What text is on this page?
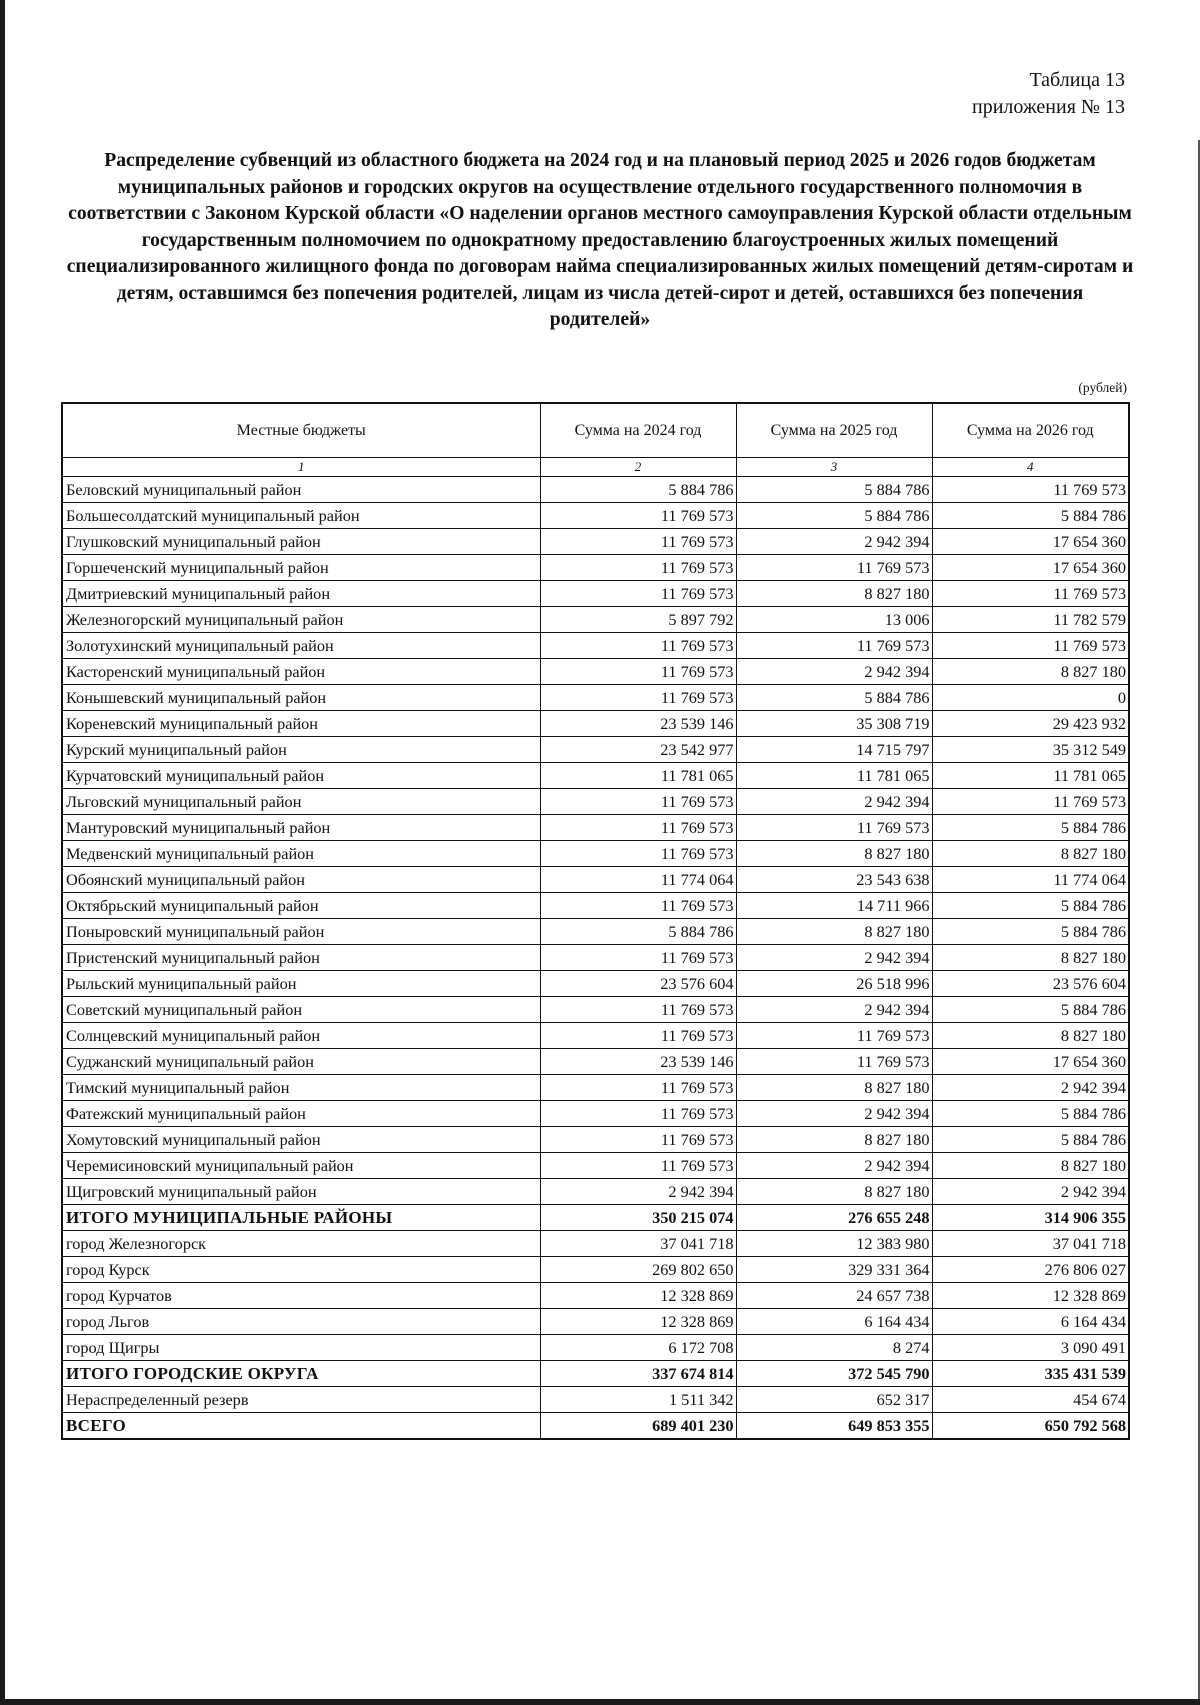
Таблица 13
приложения № 13
Распределение субвенций из областного бюджета на 2024 год и на плановый период 2025 и 2026 годов бюджетам муниципальных районов и городских округов на осуществление отдельного государственного полномочия в соответствии с Законом Курской области «О наделении органов местного самоуправления Курской области отдельным государственным полномочием по однократному предоставлению благоустроенных жилых помещений специализированного жилищного фонда по договорам найма специализированных жилых помещений детям-сиротам и детям, оставшимся без попечения родителей, лицам из числа детей-сирот и детей, оставшихся без попечения родителей»
(рублей)
Местные бюджеты	Сумма на 2024 год	Сумма на 2025 год	Сумма на 2026 год
1	2	3	4
Беловский муниципальный район	5 884 786	5 884 786	11 769 573
Большесолдатский муниципальный район	11 769 573	5 884 786	5 884 786
Глушковский муниципальный район	11 769 573	2 942 394	17 654 360
Горшеченский муниципальный район	11 769 573	11 769 573	17 654 360
Дмитриевский муниципальный район	11 769 573	8 827 180	11 769 573
Железногорский муниципальный район	5 897 792	13 006	11 782 579
Золотухинский муниципальный район	11 769 573	11 769 573	11 769 573
Касторенский муниципальный район	11 769 573	2 942 394	8 827 180
Конышевский муниципальный район	11 769 573	5 884 786	0
Кореневский муниципальный район	23 539 146	35 308 719	29 423 932
Курский муниципальный район	23 542 977	14 715 797	35 312 549
Курчатовский муниципальный район	11 781 065	11 781 065	11 781 065
Льговский муниципальный район	11 769 573	2 942 394	11 769 573
Мантуровский муниципальный район	11 769 573	11 769 573	5 884 786
Медвенский муниципальный район	11 769 573	8 827 180	8 827 180
Обоянский муниципальный район	11 774 064	23 543 638	11 774 064
Октябрьский муниципальный район	11 769 573	14 711 966	5 884 786
Поныровский муниципальный район	5 884 786	8 827 180	5 884 786
Пристенский муниципальный район	11 769 573	2 942 394	8 827 180
Рыльский муниципальный район	23 576 604	26 518 996	23 576 604
Советский муниципальный район	11 769 573	2 942 394	5 884 786
Солнцевский муниципальный район	11 769 573	11 769 573	8 827 180
Суджанский муниципальный район	23 539 146	11 769 573	17 654 360
Тимский муниципальный район	11 769 573	8 827 180	2 942 394
Фатежский муниципальный район	11 769 573	2 942 394	5 884 786
Хомутовский муниципальный район	11 769 573	8 827 180	5 884 786
Черемисиновский муниципальный район	11 769 573	2 942 394	8 827 180
Щигровский муниципальный район	2 942 394	8 827 180	2 942 394
ИТОГО МУНИЦИПАЛЬНЫЕ РАЙОНЫ	350 215 074	276 655 248	314 906 355
город Железногорск	37 041 718	12 383 980	37 041 718
город Курск	269 802 650	329 331 364	276 806 027
город Курчатов	12 328 869	24 657 738	12 328 869
город Льгов	12 328 869	6 164 434	6 164 434
город Щигры	6 172 708	8 274	3 090 491
ИТОГО ГОРОДСКИЕ ОКРУГА	337 674 814	372 545 790	335 431 539
Нераспределенный резерв	1 511 342	652 317	454 674
ВСЕГО	689 401 230	649 853 355	650 792 568
